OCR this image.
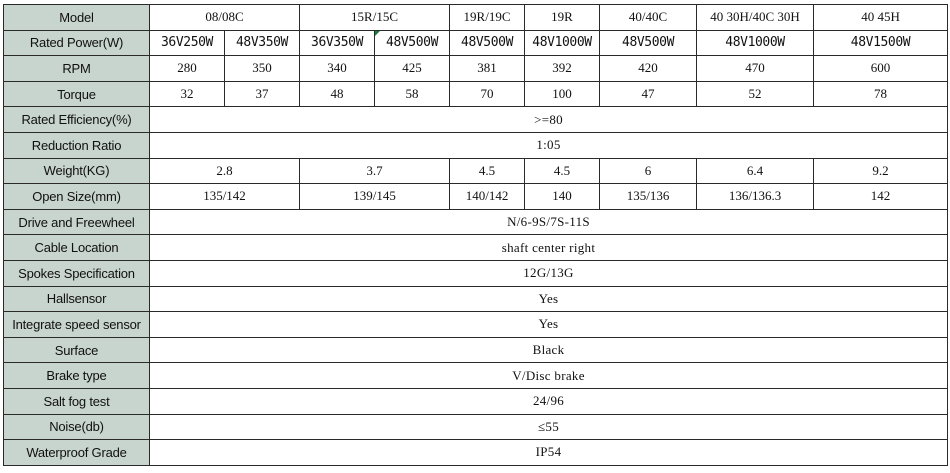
Model	08/08C		15R/15C		19R/19C	19R	40/40C	40 30H/40C 30H	40 45H
Rated Power(W)	36V250W	48V350W	36V350W	48V500W	48V500W	48V1000W	48V500W	48V1000W	48V1500W
RPM	280	350	340	425	381	392	420	470	600
Torque	32	37	48	58	70	100	47	52	78
Rated Efficiency(%)	>=80								
Reduction Ratio	1:05								
Weight(KG)	2.8		3.7		4.5	4.5	6	6.4	9.2
Open Size(mm)	135/142		139/145		140/142	140	135/136	136/136.3	142
Drive and Freewheel	N/6-9S/7S-11S								
Cable Location	shaft center right								
Spokes Specification	12G/13G								
Hallsensor	Yes								
Integrate speed sensor	Yes								
Surface	Black								
Brake type	V/Disc brake								
Salt fog test	24/96								
Noise(db)	≤55								
Waterproof Grade	IP54								
